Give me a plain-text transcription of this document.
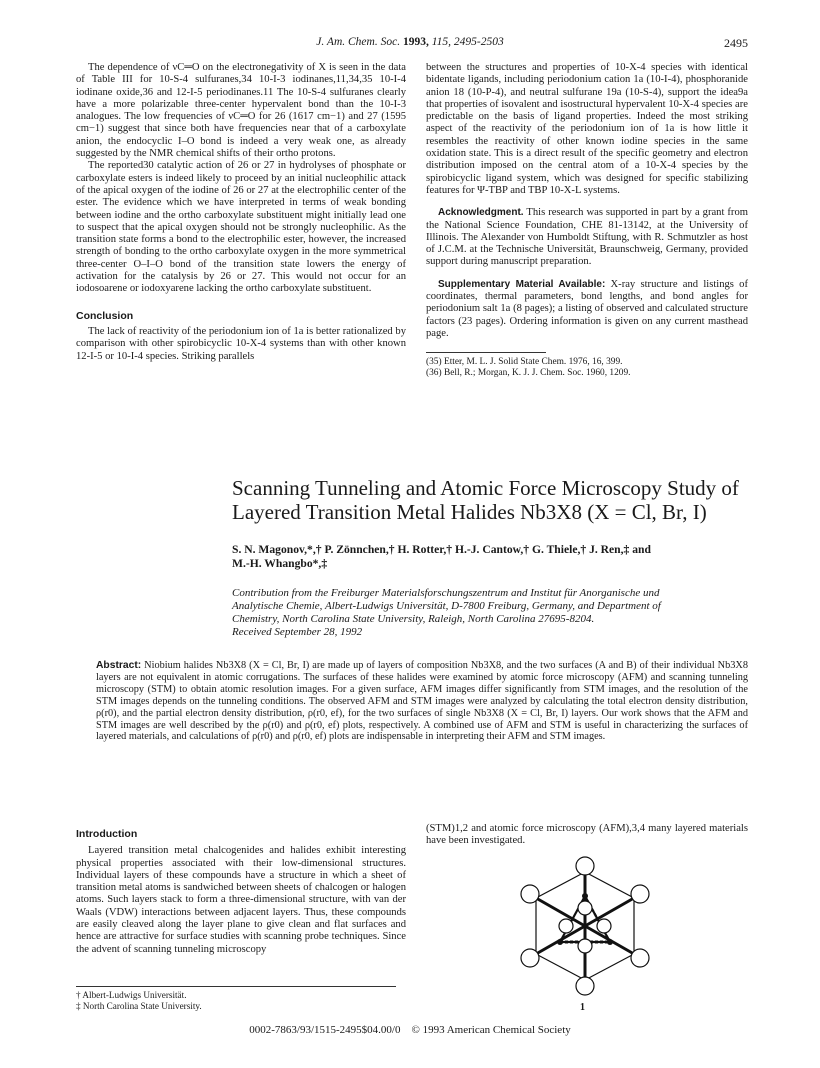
J. Am. Chem. Soc. 1993, 115, 2495-2503	2495

The dependence of νC═O on the electronegativity of X is seen in the data of Table III for 10-S-4 sulfuranes,34 10-I-3 iodinanes,11,34,35 10-I-4 iodinane oxide,36 and 12-I-5 periodinanes.11 The 10-S-4 sulfuranes clearly have a more polarizable three-center hypervalent bond than the 10-I-3 analogues. The low frequencies of νC═O for 26 (1617 cm−1) and 27 (1595 cm−1) suggest that since both have frequencies near that of a carboxylate anion, the endocyclic I–O bond is indeed a very weak one, as already suggested by the NMR chemical shifts of their ortho protons.

The reported30 catalytic action of 26 or 27 in hydrolyses of phosphate or carboxylate esters is indeed likely to proceed by an initial nucleophilic attack of the apical oxygen of the iodine of 26 or 27 at the electrophilic center of the ester. The evidence which we have interpreted in terms of weak bonding between iodine and the ortho carboxylate substituent might initially lead one to suspect that the apical oxygen should not be strongly nucleophilic. As the transition state forms a bond to the electrophilic ester, however, the increased strength of bonding to the ortho carboxylate oxygen in the more symmetrical three-center O–I–O bond of the transition state lowers the energy of activation for the catalysis by 26 or 27. This would not occur for an iodosoarene or iodoxyarene lacking the ortho carboxylate substituent.

Conclusion

The lack of reactivity of the periodonium ion of 1a is better rationalized by comparison with other spirobicyclic 10-X-4 systems than with other known 12-I-5 or 10-I-4 species. Striking parallels

between the structures and properties of 10-X-4 species with identical bidentate ligands, including periodonium cation 1a (10-I-4), phosphoranide anion 18 (10-P-4), and neutral sulfurane 19a (10-S-4), support the idea9a that properties of isovalent and isostructural hypervalent 10-X-4 species are predictable on the basis of ligand properties. Indeed the most striking aspect of the reactivity of the periodonium ion of 1a is how little it resembles the reactivity of other known iodine species in the same oxidation state. This is a direct result of the specific geometry and electron distribution imposed on the central atom of a 10-X-4 species by the spirobicyclic ligand system, which was designed for specific stabilizing features for Ψ-TBP and TBP 10-X-L systems.

Acknowledgment. This research was supported in part by a grant from the National Science Foundation, CHE 81-13142, at the University of Illinois. The Alexander von Humboldt Stiftung, with R. Schmutzler as host of J.C.M. at the Technische Universität, Braunschweig, Germany, provided support during manuscript preparation.

Supplementary Material Available: X-ray structure and listings of coordinates, thermal parameters, bond lengths, and bond angles for periodonium salt 1a (8 pages); a listing of observed and calculated structure factors (23 pages). Ordering information is given on any current masthead page.

(35) Etter, M. L. J. Solid State Chem. 1976, 16, 399.
(36) Bell, R.; Morgan, K. J. J. Chem. Soc. 1960, 1209.
Scanning Tunneling and Atomic Force Microscopy Study of
Layered Transition Metal Halides Nb3X8 (X = Cl, Br, I)
S. N. Magonov,*,† P. Zönnchen,† H. Rotter,† H.-J. Cantow,† G. Thiele,† J. Ren,‡ and
M.-H. Whangbo*,‡
Contribution from the Freiburger Materialsforschungszentrum and Institut für Anorganische und
Analytische Chemie, Albert-Ludwigs Universität, D-7800 Freiburg, Germany, and Department of
Chemistry, North Carolina State University, Raleigh, North Carolina 27695-8204.
Received September 28, 1992
Abstract: Niobium halides Nb3X8 (X = Cl, Br, I) are made up of layers of composition Nb3X8, and the two surfaces (A and B) of their individual Nb3X8 layers are not equivalent in atomic corrugations. The surfaces of these halides were examined by atomic force microscopy (AFM) and scanning tunneling microscopy (STM) to obtain atomic resolution images. For a given surface, AFM images differ significantly from STM images, and the resolution of the STM images depends on the tunneling conditions. The observed AFM and STM images were analyzed by calculating the total electron density distribution, ρ(r0), and the partial electron density distribution, ρ(r0, ef), for the two surfaces of single Nb3X8 (X = Cl, Br, I) layers. Our work shows that the AFM and STM images are well described by the ρ(r0) and ρ(r0, ef) plots, respectively. A combined use of AFM and STM is useful in characterizing the surfaces of layered materials, and calculations of ρ(r0) and ρ(r0, ef) plots are indispensable in interpreting their AFM and STM images.
Introduction

Layered transition metal chalcogenides and halides exhibit interesting physical properties associated with their low-dimensional structures. Individual layers of these compounds have a structure in which a sheet of transition metal atoms is sandwiched between sheets of chalcogen or halogen atoms. Such layers stack to form a three-dimensional structure, with van der Waals (VDW) interactions between adjacent layers. Thus, these compounds are easily cleaved along the layer plane to give clean and flat surfaces and hence are attractive for surface studies with scanning probe techniques. Since the advent of scanning tunneling microscopy

(STM)1,2 and atomic force microscopy (AFM),3,4 many layered materials have been investigated.

1
† Albert-Ludwigs Universität.
‡ North Carolina State University.
0002-7863/93/1515-2495$04.00/0 © 1993 American Chemical Society
